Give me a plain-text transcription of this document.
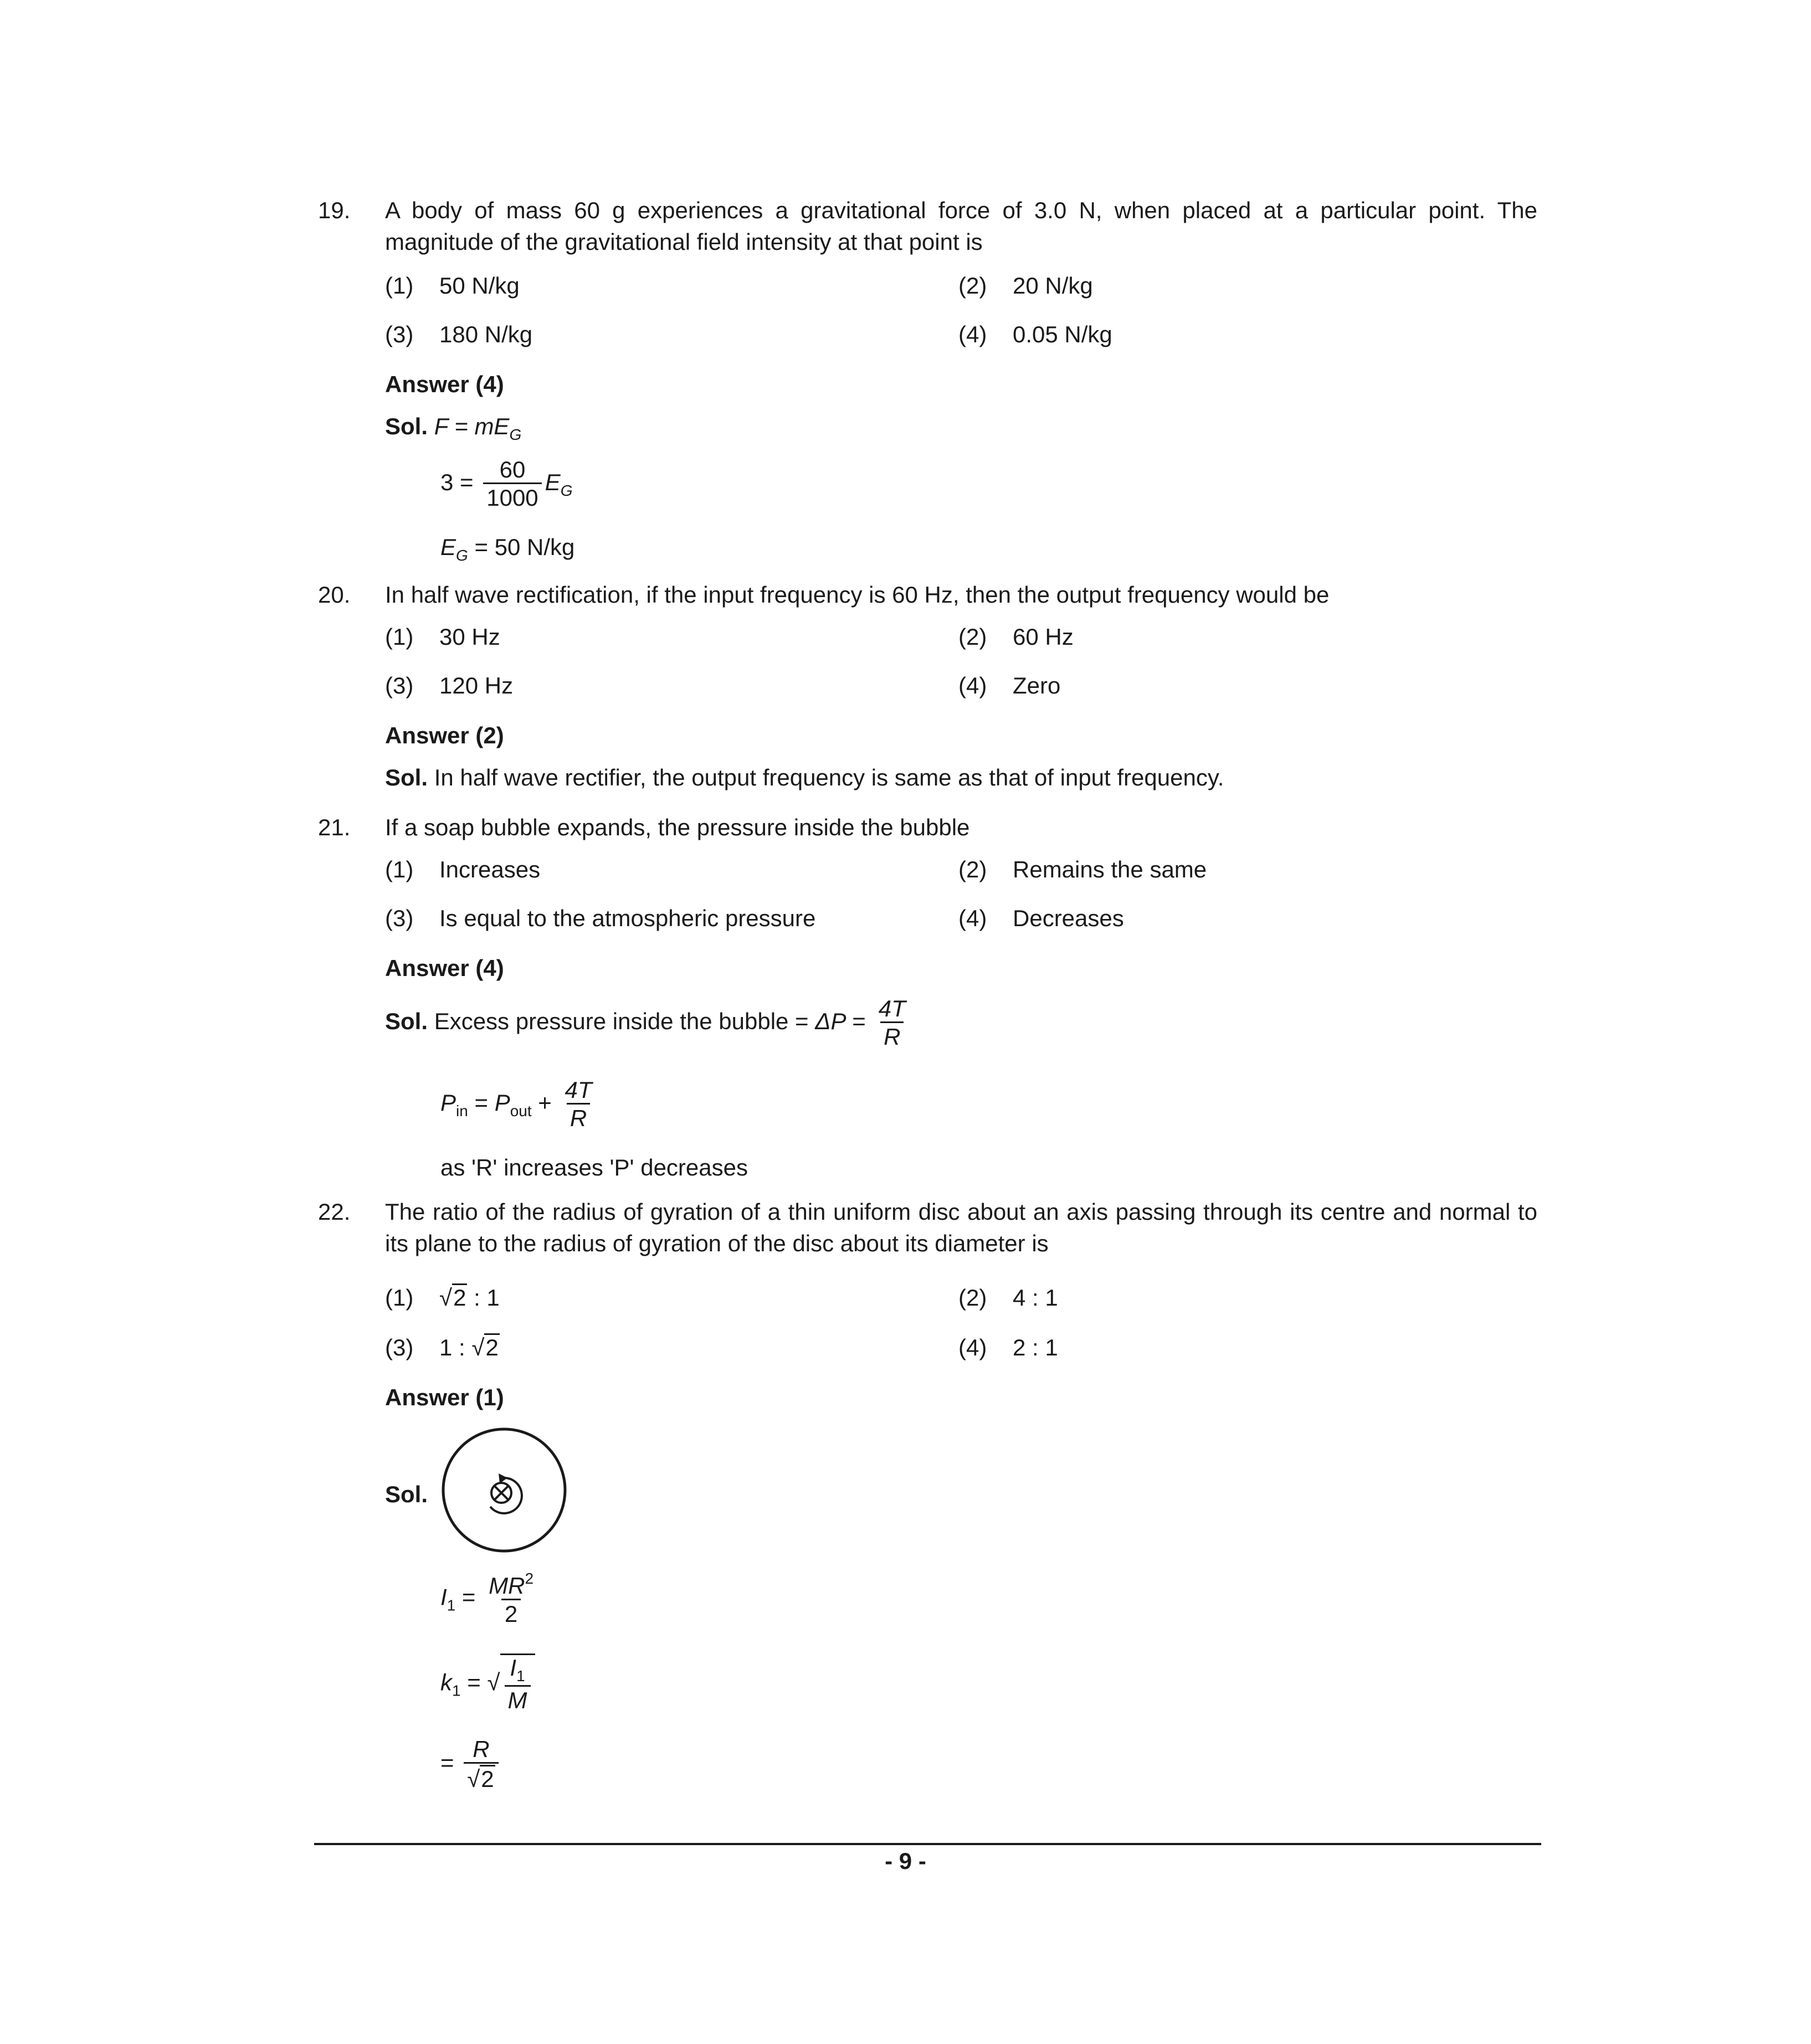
19. A body of mass 60 g experiences a gravitational force of 3.0 N, when placed at a particular point. The magnitude of the gravitational field intensity at that point is
(1) 50 N/kg	(2) 20 N/kg
(3) 180 N/kg	(4) 0.05 N/kg
Answer (4)
Sol. $F = mE_G$
$3 = \frac{60}{1000} E_G$
$E_G = 50$ N/kg
20. In half wave rectification, if the input frequency is 60 Hz, then the output frequency would be
(1) 30 Hz	(2) 60 Hz
(3) 120 Hz	(4) Zero
Answer (2)
Sol. In half wave rectifier, the output frequency is same as that of input frequency.
21. If a soap bubble expands, the pressure inside the bubble
(1) Increases	(2) Remains the same
(3) Is equal to the atmospheric pressure	(4) Decreases
Answer (4)
Sol. Excess pressure inside the bubble = $\Delta P = \frac{4T}{R}$
$P_{in} = P_{out} + \frac{4T}{R}$
as 'R' increases 'P' decreases
22. The ratio of the radius of gyration of a thin uniform disc about an axis passing through its centre and normal to its plane to the radius of gyration of the disc about its diameter is
(1) √2 : 1	(2) 4 : 1
(3) 1 : √2	(4) 2 : 1
Answer (1)
Sol.
$I_1 = \frac{MR^2}{2}$
$k_1$ = √ $\frac{I_1}{M}$
= $\frac{R}{√2}$
- 9 -
